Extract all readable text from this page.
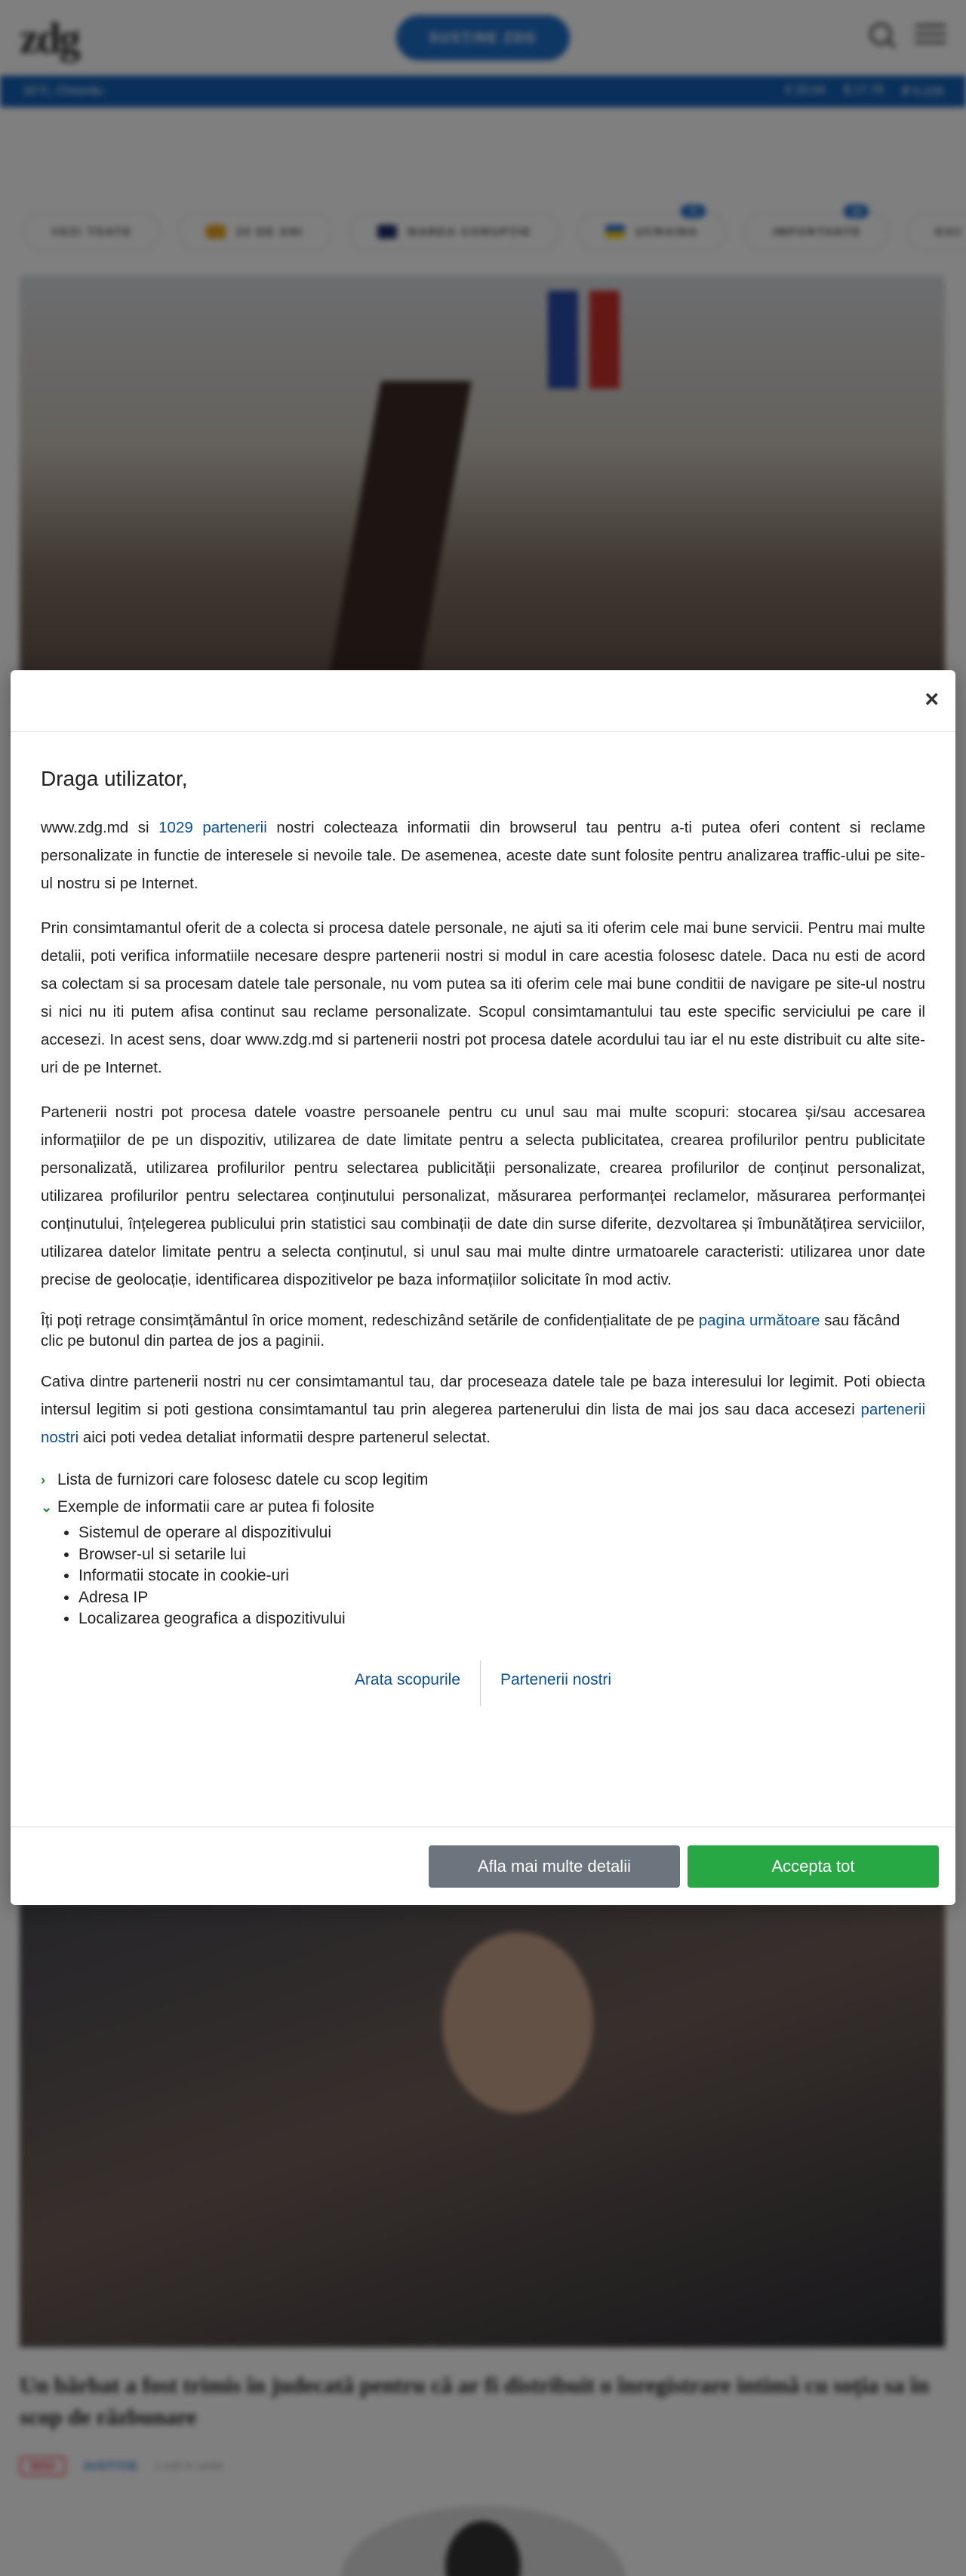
×
Draga utilizator,

www.zdg.md si 1029 partenerii nostri colecteaza informatii din browserul tau pentru a-ti putea oferi content si reclame personalizate in functie de interesele si nevoile tale. De asemenea, aceste date sunt folosite pentru analizarea traffic-ului pe site-ul nostru si pe Internet.

Prin consimtamantul oferit de a colecta si procesa datele personale, ne ajuti sa iti oferim cele mai bune servicii. Pentru mai multe detalii, poti verifica informatiile necesare despre partenerii nostri si modul in care acestia folosesc datele. Daca nu esti de acord sa colectam si sa procesam datele tale personale, nu vom putea sa iti oferim cele mai bune conditii de navigare pe site-ul nostru si nici nu iti putem afisa continut sau reclame personalizate. Scopul consimtamantului tau este specific serviciului pe care il accesezi. In acest sens, doar www.zdg.md si partenerii nostri pot procesa datele acordului tau iar el nu este distribuit cu alte site-uri de pe Internet.

Partenerii nostri pot procesa datele voastre persoanele pentru cu unul sau mai multe scopuri: stocarea și/sau accesarea informațiilor de pe un dispozitiv, utilizarea de date limitate pentru a selecta publicitatea, crearea profilurilor pentru publicitate personalizată, utilizarea profilurilor pentru selectarea publicității personalizate, crearea profilurilor de conținut personalizat, utilizarea profilurilor pentru selectarea conținutului personalizat, măsurarea performanței reclamelor, măsurarea performanței conținutului, înțelegerea publicului prin statistici sau combinații de date din surse diferite, dezvoltarea și îmbunătățirea serviciilor, utilizarea datelor limitate pentru a selecta conținutul, si unul sau mai multe dintre urmatoarele caracteristi: utilizarea unor date precise de geolocație, identificarea dispozitivelor pe baza informațiilor solicitate în mod activ.

Îți poți retrage consimțământul în orice moment, redeschizând setările de confidențialitate de pe pagina următoare sau făcând clic pe butonul din partea de jos a paginii.

Cativa dintre partenerii nostri nu cer consimtamantul tau, dar proceseaza datele tale pe baza interesului lor legimit. Poti obiecta intersul legitim si poti gestiona consimtamantul tau prin alegerea partenerului din lista de mai jos sau daca accesezi partenerii nostri aici poti vedea detaliat informatii despre partenerul selectat.

› Lista de furnizori care folosesc datele cu scop legitim
⌄ Exemple de informatii care ar putea fi folosite
• Sistemul de operare al dispozitivului
• Browser-ul si setarile lui
• Informatii stocate in cookie-uri
• Adresa IP
• Localizarea geografica a dispozitivului
Arata scopurile	Partenerii nostri
Afla mai multe detalii	Accepta tot
